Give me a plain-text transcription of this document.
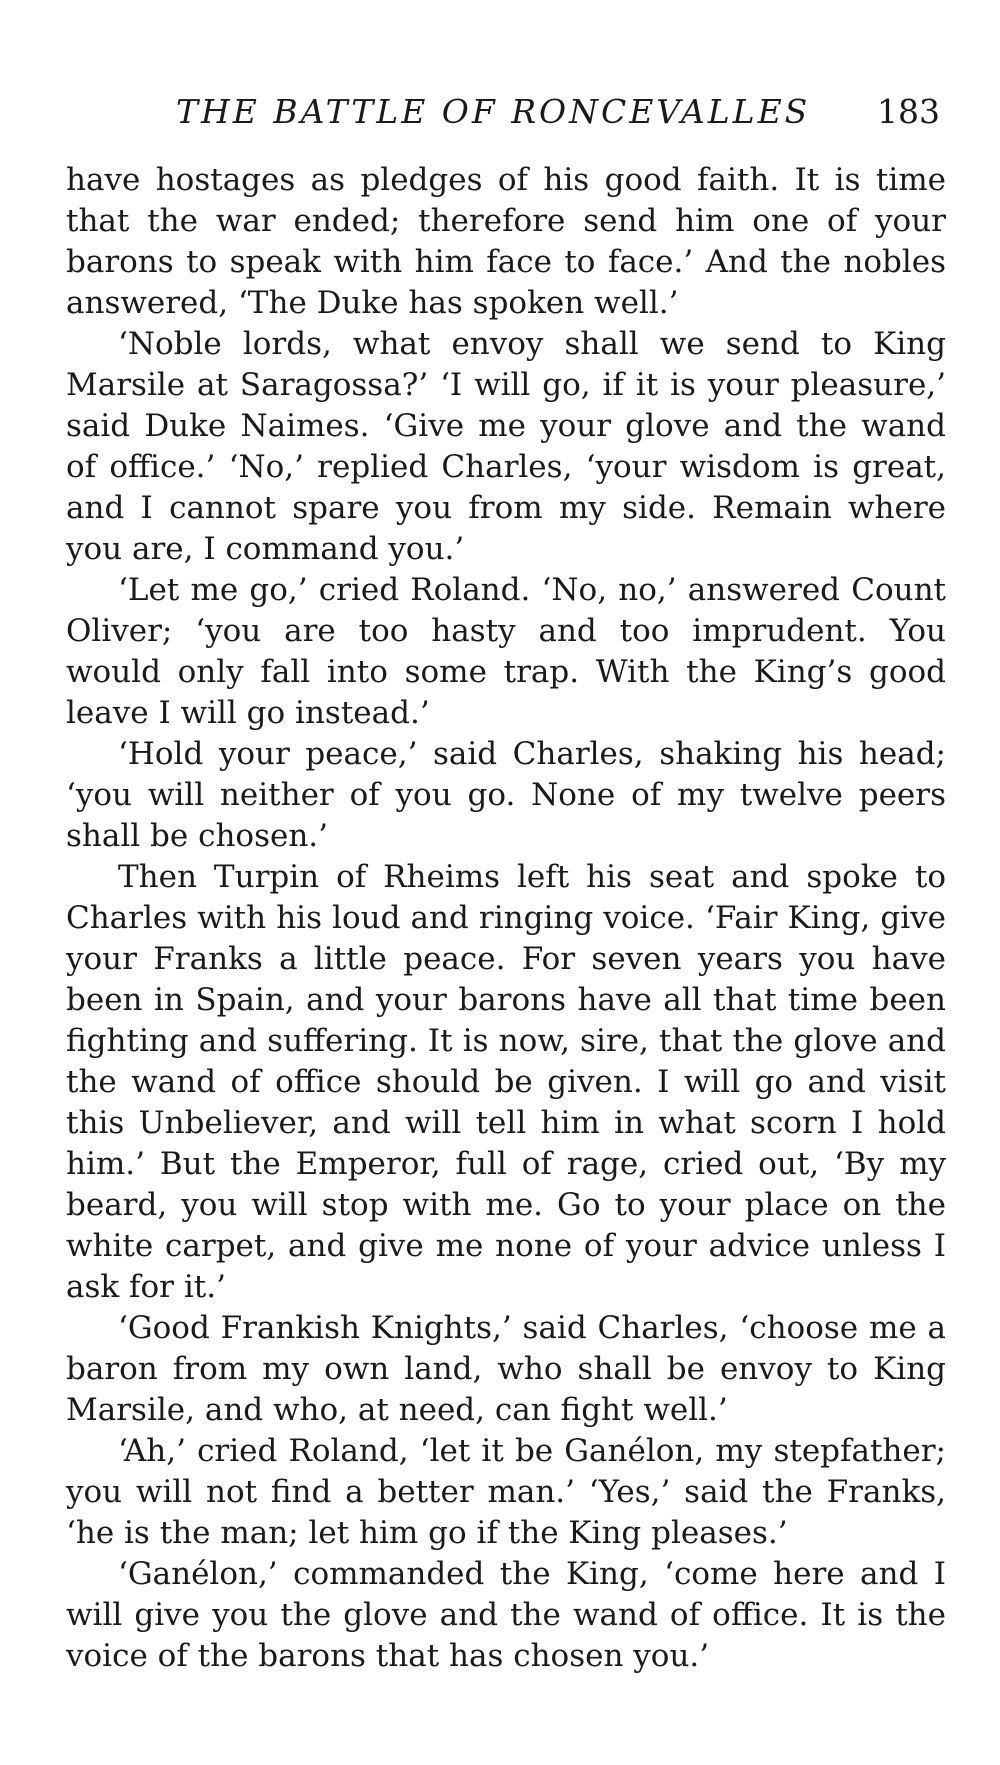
THE BATTLE OF RONCEVALLES 183

have hostages as pledges of his good faith. It is time that the war ended; therefore send him one of your barons to speak with him face to face.’ And the nobles answered, ‘The Duke has spoken well.’

‘Noble lords, what envoy shall we send to King Marsile at Saragossa?’ ‘I will go, if it is your pleasure,’ said Duke Naimes. ‘Give me your glove and the wand of office.’ ‘No,’ replied Charles, ‘your wisdom is great, and I cannot spare you from my side. Remain where you are, I command you.’

‘Let me go,’ cried Roland. ‘No, no,’ answered Count Oliver; ‘you are too hasty and too imprudent. You would only fall into some trap. With the King’s good leave I will go instead.’

‘Hold your peace,’ said Charles, shaking his head; ‘you will neither of you go. None of my twelve peers shall be chosen.’

Then Turpin of Rheims left his seat and spoke to Charles with his loud and ringing voice. ‘Fair King, give your Franks a little peace. For seven years you have been in Spain, and your barons have all that time been fighting and suffering. It is now, sire, that the glove and the wand of office should be given. I will go and visit this Unbeliever, and will tell him in what scorn I hold him.’ But the Emperor, full of rage, cried out, ‘By my beard, you will stop with me. Go to your place on the white carpet, and give me none of your advice unless I ask for it.’

‘Good Frankish Knights,’ said Charles, ‘choose me a baron from my own land, who shall be envoy to King Marsile, and who, at need, can fight well.’

‘Ah,’ cried Roland, ‘let it be Ganélon, my stepfather; you will not find a better man.’ ‘Yes,’ said the Franks, ‘he is the man; let him go if the King pleases.’

‘Ganélon,’ commanded the King, ‘come here and I will give you the glove and the wand of office. It is the voice of the barons that has chosen you.’
